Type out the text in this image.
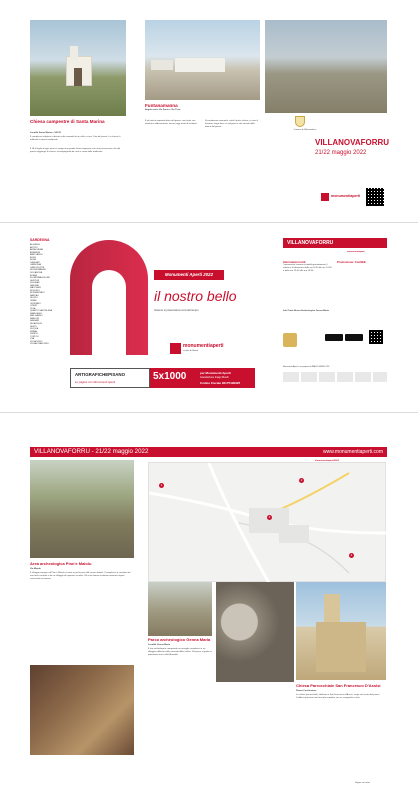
Chiesa campestre di Santa Marina
Località Santa Marina - SS131
Il complesso religioso è ubicato sulla sommità di un colle a circa 1 km dal paese. La chiesa fu edificata in epoca medievale.
Il 18 di luglio di ogni anno si svolge una grande festa campestre con una processione che dal paese raggiunge la chiesa, accompagnata da canti e suoni della tradizione.
Funtanamanna
Angolo tra la Via Fonte e Via Tirso
Il più antico impianto idrico del paese: una fonte con lavatoio e abbeveratoio, ancora oggi meta di visitatori.
Di pertinenza comunale, sotto l'antica chiesa, si trova il lavatoio, luogo dove si svolgeva la vita sociale delle donne del paese.
Comune di Villanovaforru
VILLANOVAFORRU
21/22 maggio 2022
monumentiaperti
SARDEGNA
ALGHERO
ARITZO
ARZACHENA
ASSEMINI
BARI SARDO
BONO
BOSA
CAGLIARI
CARBONIA
CARLOFORTE
DECIMOMANNU
DOLIANOVA
ELMAS
FLUMINIMAGGIORE
GESTURI
IGLESIAS
LANUSEI
MACOMER
MOGORO
MONSERRATO
NARCAO
NUORO
ORANI
ORISTANO
OZIERI
PULA
QUARTU SANT'ELENA
SAMUGHEO
SAN GAVINO
SANLURI
SASSARI
SELARGIUS
SESTU
SILIQUA
SINNAI
TEMPIO
TORTOLÌ
UTA
VILLACIDRO
VILLANOVAFORRU
Monumenti Aperti 2022
il nostro bello
Insieme si preserviamo cura del tempo
monumentiaperti
scuole di libertà
VILLANOVAFORRU
monumentiaperti
Informazioni utili
I monumenti saranno visitabili gratuitamente il sabato e la domenica dalle ore 9:30 alle ore 13:30 e dalle ore 15:30 alle ore 19:30.
Promozione: ConSEE
Info Point Museo Archeologico Genna Maria
Monumenti Aperti è un progetto di IMAGO MUNDI ODV
ARTIGRAFICHEPISANO
Le pagine con Monumenti Aperti	5x1000	per Monumenti Aperti
Associazione Imago Mundi
Codice Fiscale 92175490925
VILLANOVAFORRU - 21/22 maggio 2022	www.monumentiaperti.com
#monumentiaperti2022
1
2
3
4
Area archeologica Pinn'e Maiolu
Via Maiolu
Il villaggio nuragico di Pinn'e Maiolu si trova a pochi passi dal centro abitato. Il complesso è costituito da una torre centrale e da un villaggio di capanne circolari. Gli scavi hanno restituito numerosi reperti conservati nel museo.
Parco archeologico Genna Maria
Località Genna Maria
Il sito archeologico comprende un nuraghe complesso e un villaggio edificato sulla sommità della collina. Dal parco si gode un panorama unico sulla Marmilla.
Chiesa Parrocchiale San Francesco D'Assisi
Piazza Costituzione
La chiesa parrocchiale, dedicata a San Francesco d'Assisi, sorge nel centro del paese. L'edificio presenta una facciata semplice con un campanile a vela.
Segue sul retro
